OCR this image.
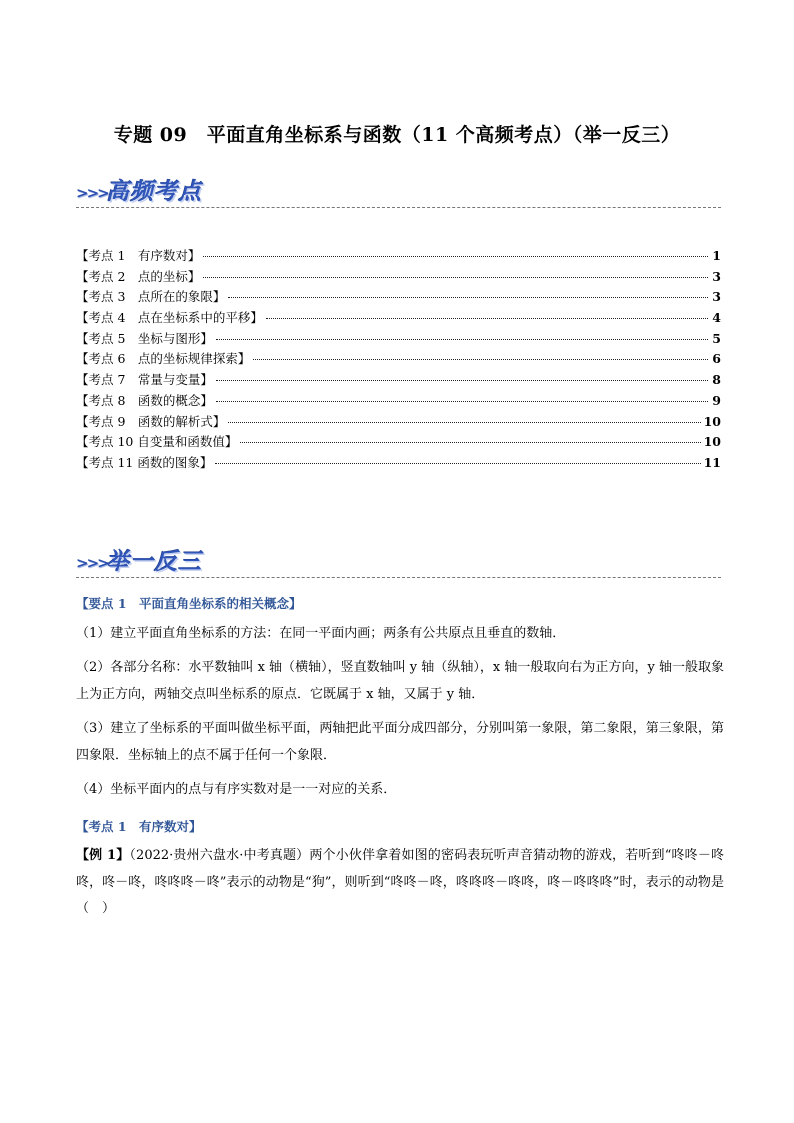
专题 09　平面直角坐标系与函数（11 个高频考点）（举一反三）
>>>
高频考点
【考点 1　有序数对】	1
【考点 2　点的坐标】	3
【考点 3　点所在的象限】	3
【考点 4　点在坐标系中的平移】	4
【考点 5　坐标与图形】	5
【考点 6　点的坐标规律探索】	6
【考点 7　常量与变量】	8
【考点 8　函数的概念】	9
【考点 9　函数的解析式】	10
【考点 10 自变量和函数值】	10
【考点 11 函数的图象】	11
>>>
举一反三
【要点 1　平面直角坐标系的相关概念】
（1）建立平面直角坐标系的方法：在同一平面内画；两条有公共原点且垂直的数轴．
（2）各部分名称：水平数轴叫 x 轴（横轴），竖直数轴叫 y 轴（纵轴），x 轴一般取向右为正方向，y 轴一般取象上为正方向，两轴交点叫坐标系的原点．它既属于 x 轴，又属于 y 轴．
（3）建立了坐标系的平面叫做坐标平面，两轴把此平面分成四部分，分别叫第一象限，第二象限，第三象限，第四象限．坐标轴上的点不属于任何一个象限．
（4）坐标平面内的点与有序实数对是一一对应的关系．
【考点 1　有序数对】
【例 1】（2022·贵州六盘水·中考真题）两个小伙伴拿着如图的密码表玩听声音猜动物的游戏，若听到“咚咚－咚咚，咚－咚，咚咚咚－咚”表示的动物是“狗”，则听到“咚咚－咚，咚咚咚－咚咚，咚－咚咚咚”时，表示的动物是（　）
